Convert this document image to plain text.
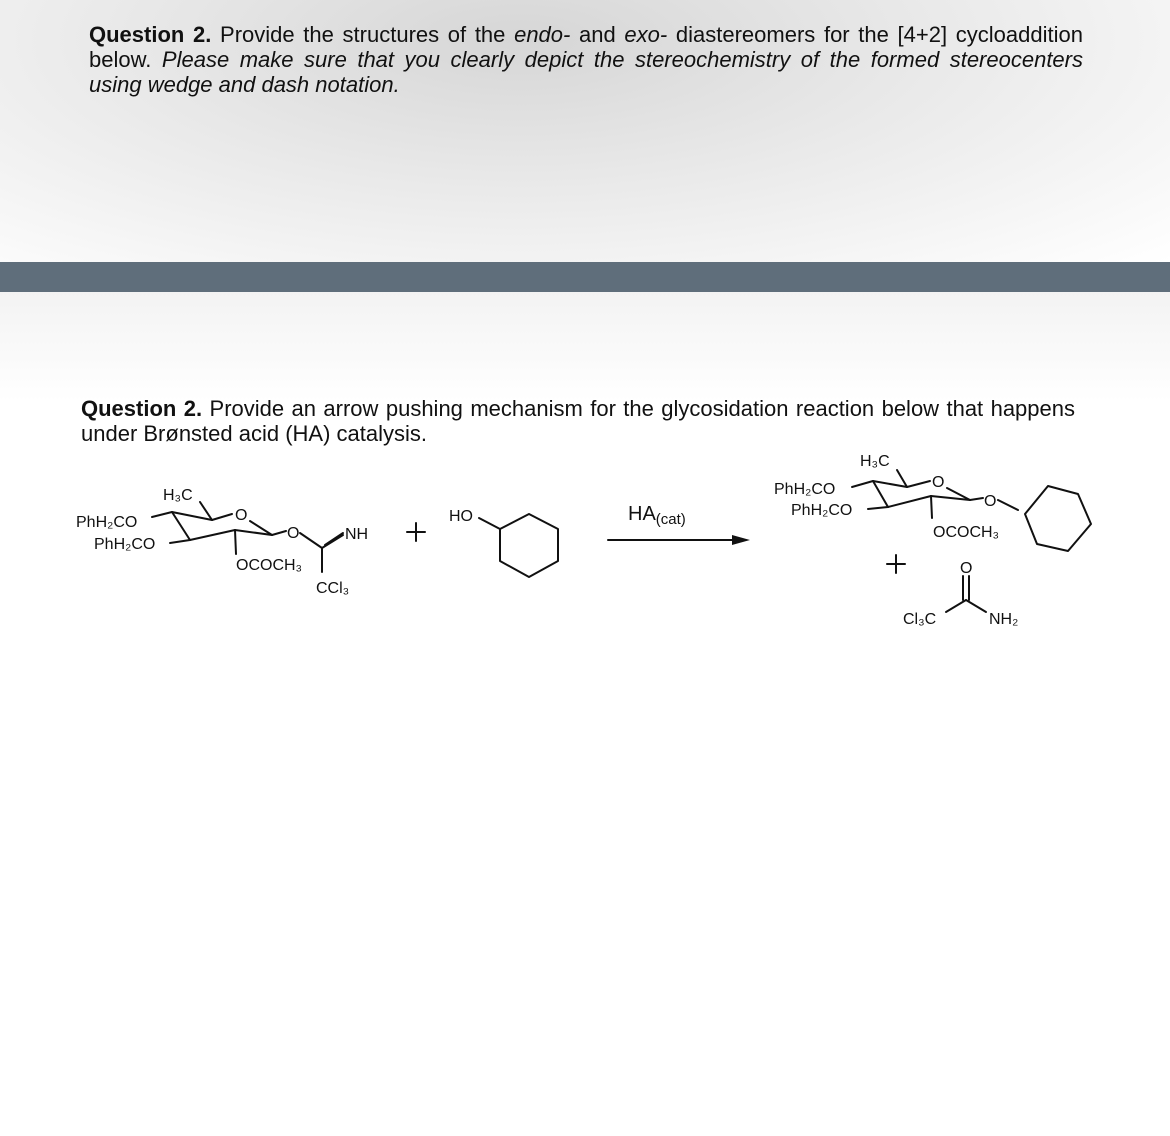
Question 2. Provide the structures of the endo- and exo- diastereomers for the [4+2] cycloaddition below. Please make sure that you clearly depict the stereochemistry of the formed stereocenters using wedge and dash notation.
Question 2. Provide an arrow pushing mechanism for the glycosidation reaction below that happens under Brønsted acid (HA) catalysis.
H₃C
O
PhH₂CO
PhH₂CO
O	NH
OCOCH₃
CCl₃
HO	$HA_{(cat)}$
H₃C
O
PhH₂CO
PhH₂CO
O
OCOCH₃
O
Cl₃C	NH₂
